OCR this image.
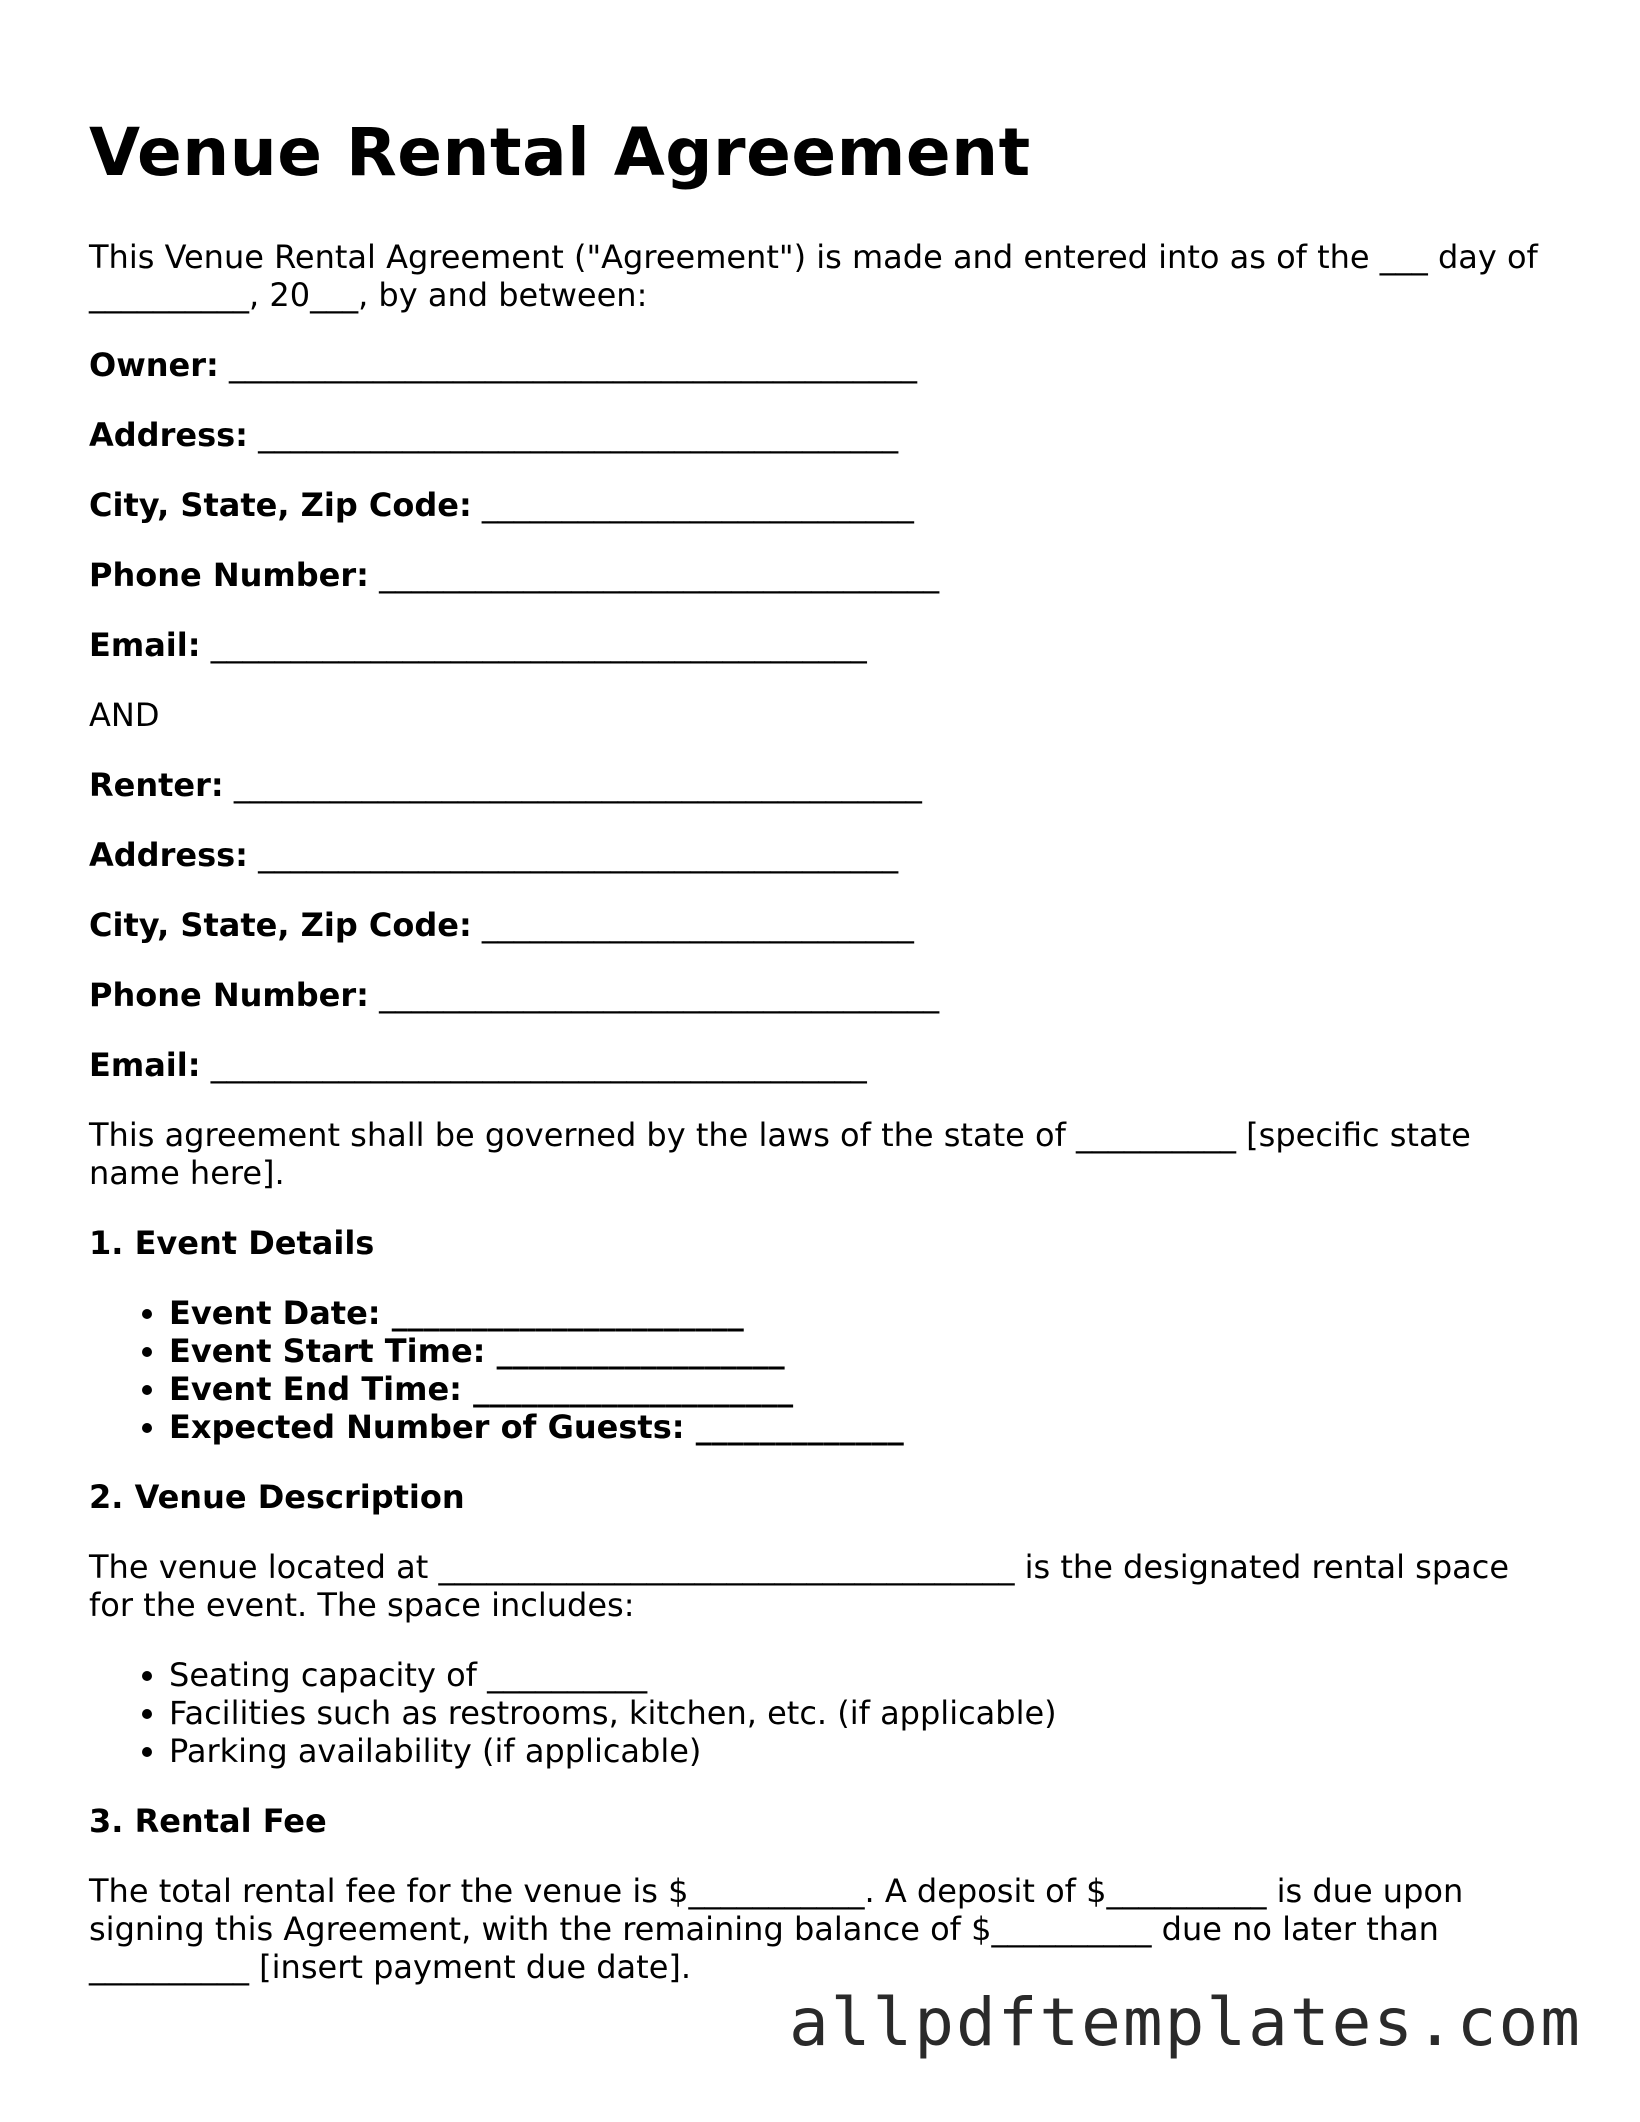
Venue Rental Agreement

This Venue Rental Agreement ("Agreement") is made and entered into as of the ___ day of __________, 20___, by and between:

Owner: ___________________________________________
Address: ________________________________________
City, State, Zip Code: ___________________________
Phone Number: ___________________________________
Email: _________________________________________

AND

Renter: ___________________________________________
Address: ________________________________________
City, State, Zip Code: ___________________________
Phone Number: ___________________________________
Email: _________________________________________

This agreement shall be governed by the laws of the state of __________ [specific state name here].

1. Event Details
• Event Date: ______________________
• Event Start Time: __________________
• Event End Time: ____________________
• Expected Number of Guests: _____________
2. Venue Description

The venue located at ____________________________________ is the designated rental space for the event. The space includes:

• Seating capacity of __________
• Facilities such as restrooms, kitchen, etc. (if applicable)
• Parking availability (if applicable)
3. Rental Fee

The total rental fee for the venue is $___________. A deposit of $__________ is due upon signing this Agreement, with the remaining balance of $__________ due no later than __________ [insert payment due date].

allpdftemplates.com
